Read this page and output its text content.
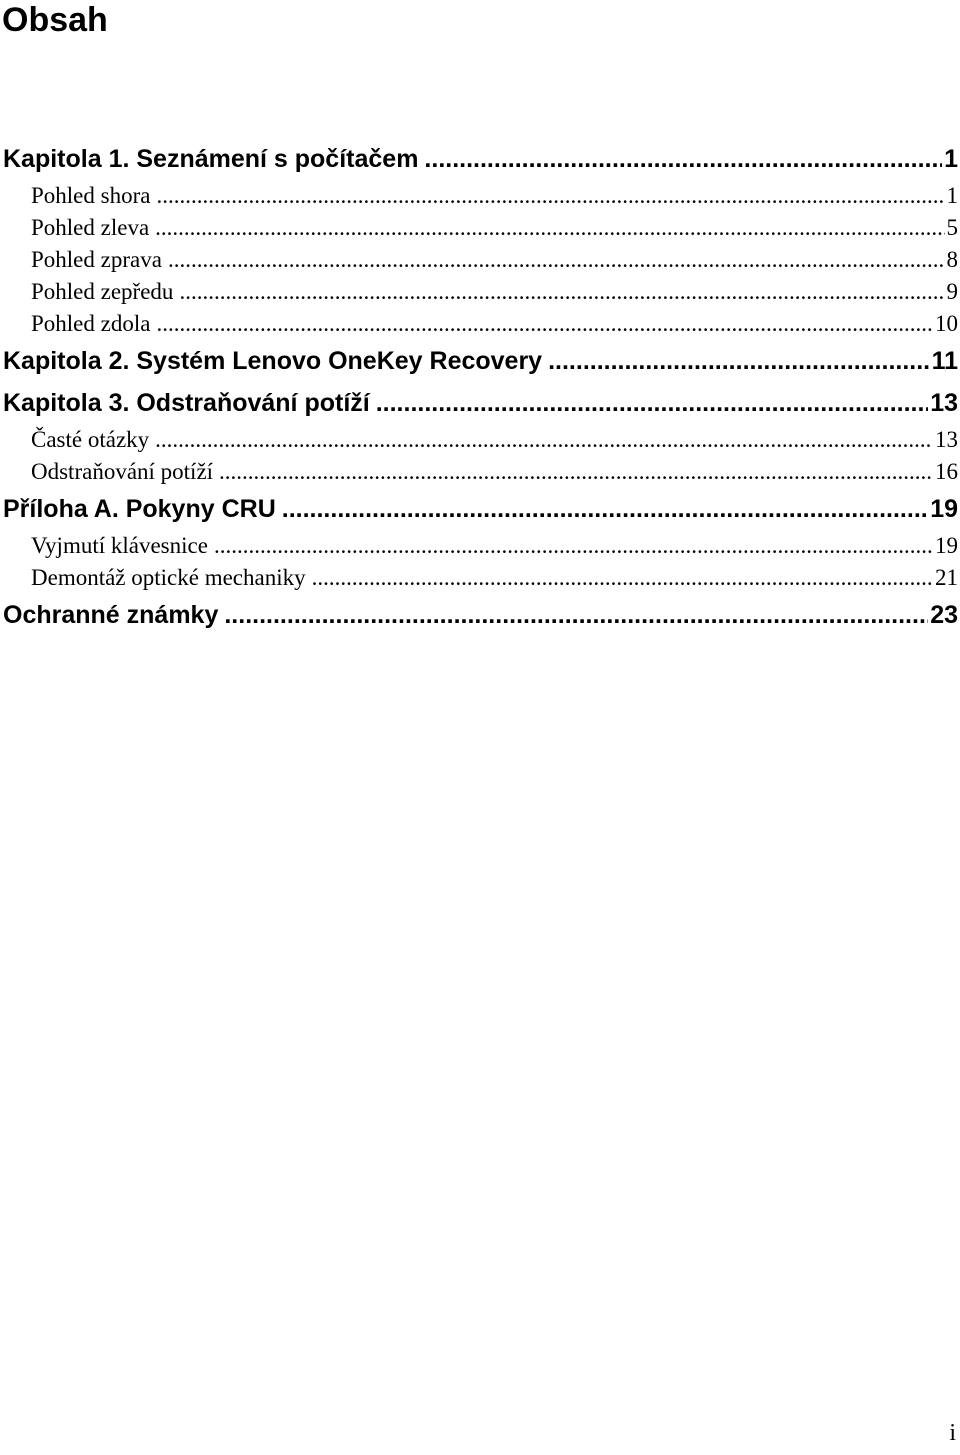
Obsah
Kapitola 1. Seznámení s počítačem .....	1
Pohled shora .....	1
Pohled zleva .....	5
Pohled zprava .....	8
Pohled zepředu .....	9
Pohled zdola .....	10
Kapitola 2. Systém Lenovo OneKey Recovery .....	11
Kapitola 3. Odstraňování potíží .....	13
Časté otázky .....	13
Odstraňování potíží .....	16
Příloha A. Pokyny CRU .....	19
Vyjmutí klávesnice .....	19
Demontáž optické mechaniky .....	21
Ochranné známky .....	23
i
